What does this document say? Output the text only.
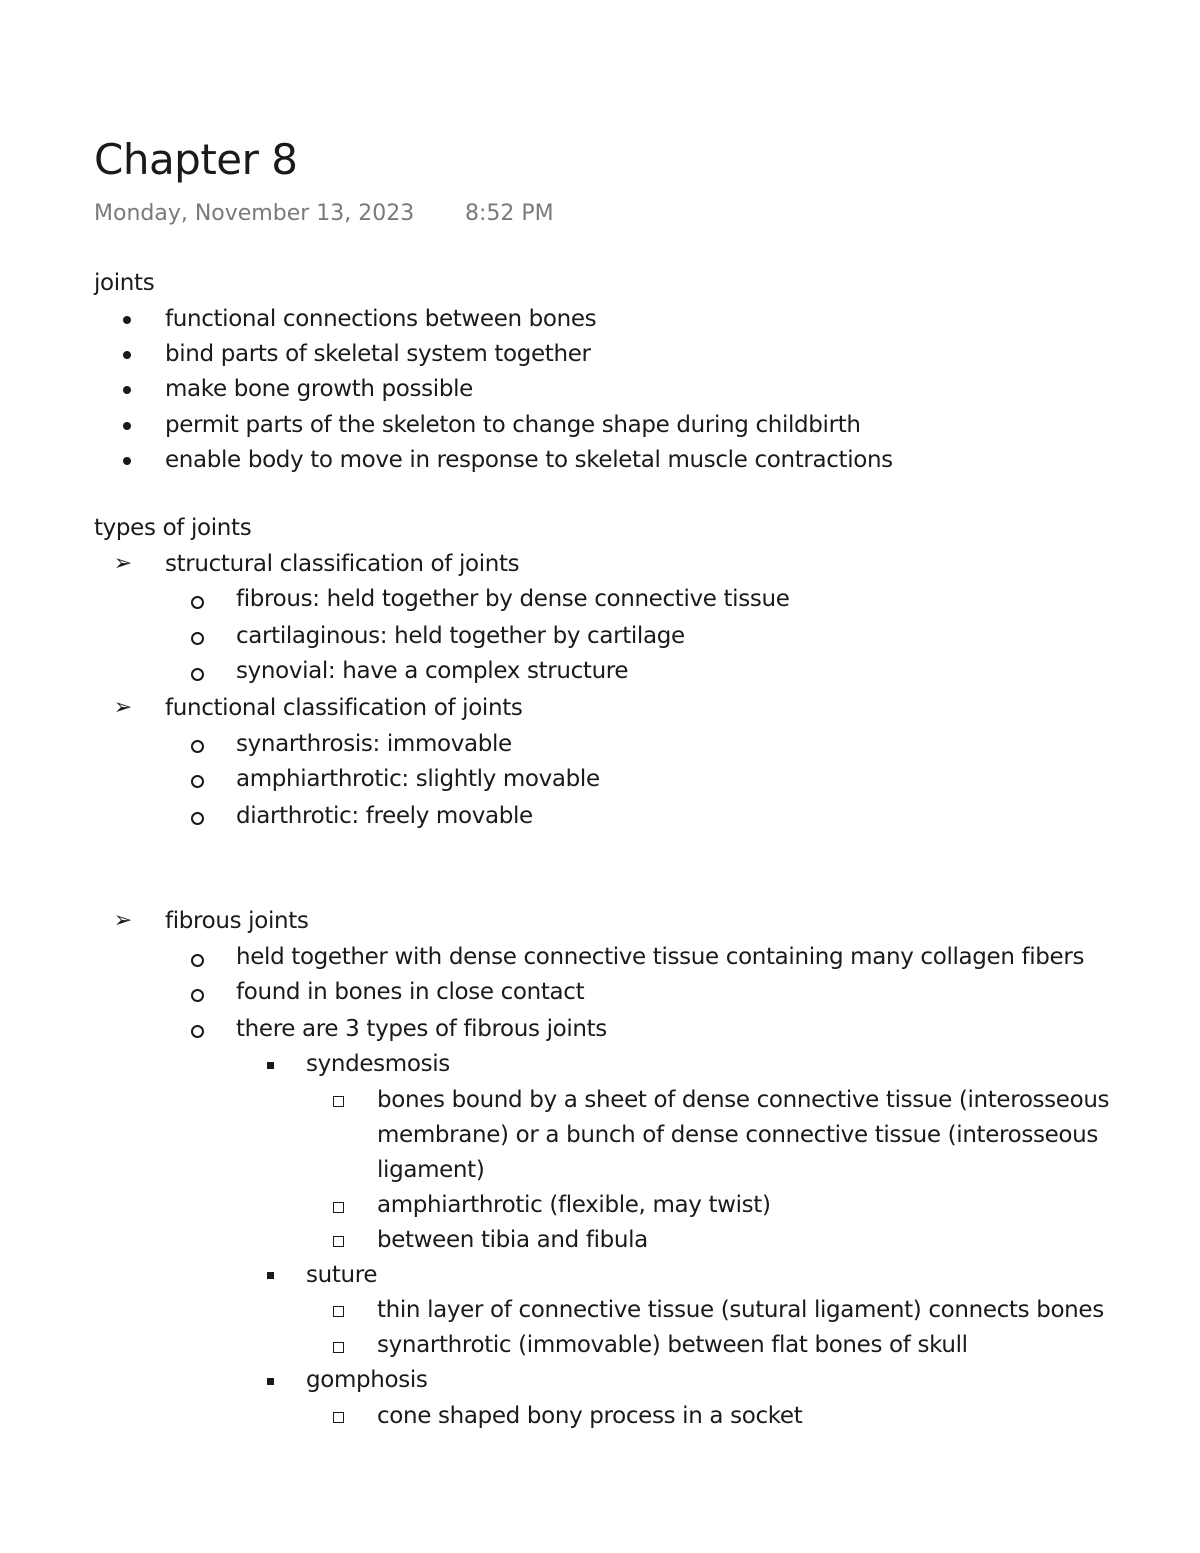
Chapter 8
Monday, November 13, 2023 8:52 PM
joints
functional connections between bones
bind parts of skeletal system together
make bone growth possible
permit parts of the skeleton to change shape during childbirth
enable body to move in response to skeletal muscle contractions
types of joints
➢ structural classification of joints
fibrous: held together by dense connective tissue
cartilaginous: held together by cartilage
synovial: have a complex structure
➢ functional classification of joints
synarthrosis: immovable
amphiarthrotic: slightly movable
diarthrotic: freely movable
➢ fibrous joints
held together with dense connective tissue containing many collagen fibers
found in bones in close contact
there are 3 types of fibrous joints
syndesmosis
bones bound by a sheet of dense connective tissue (interosseous
membrane) or a bunch of dense connective tissue (interosseous
ligament)
amphiarthrotic (flexible, may twist)
between tibia and fibula
suture
thin layer of connective tissue (sutural ligament) connects bones
synarthrotic (immovable) between flat bones of skull
gomphosis
cone shaped bony process in a socket
